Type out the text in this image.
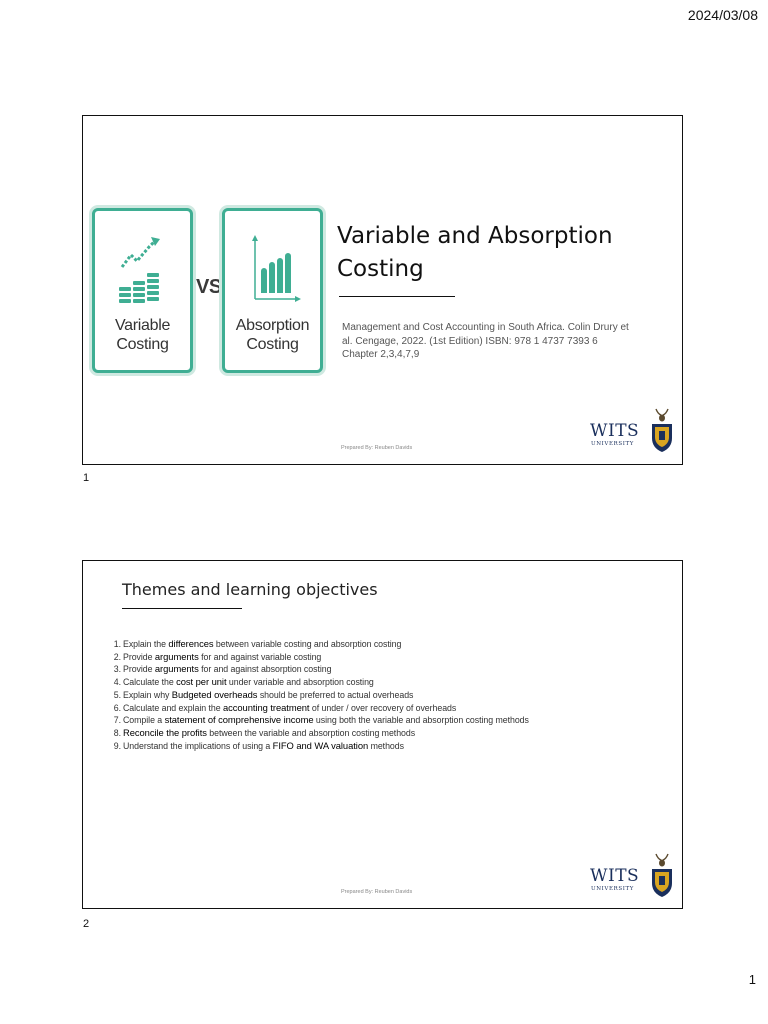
2024/03/08
Variable
Costing
VS
Absorption
Costing
Variable and Absorption
Costing
Management and Cost Accounting in South Africa. Colin Drury et
al. Cengage, 2022. (1st Edition) ISBN: 978 1 4737 7393 6
Chapter 2,3,4,7,9
Prepared By: Reuben Davids
WITS
UNIVERSITY
1
Themes and learning objectives
1. Explain the differences between variable costing and absorption costing
2. Provide arguments for and against variable costing
3. Provide arguments for and against absorption costing
4. Calculate the cost per unit under variable and absorption costing
5. Explain why Budgeted overheads should be preferred to actual overheads
6. Calculate and explain the accounting treatment of under / over recovery of overheads
7. Compile a statement of comprehensive income using both the variable and absorption costing methods
8. Reconcile the profits between the variable and absorption costing methods
9. Understand the implications of using a FIFO and WA valuation methods
Prepared By: Reuben Davids
WITS
UNIVERSITY
2
1
